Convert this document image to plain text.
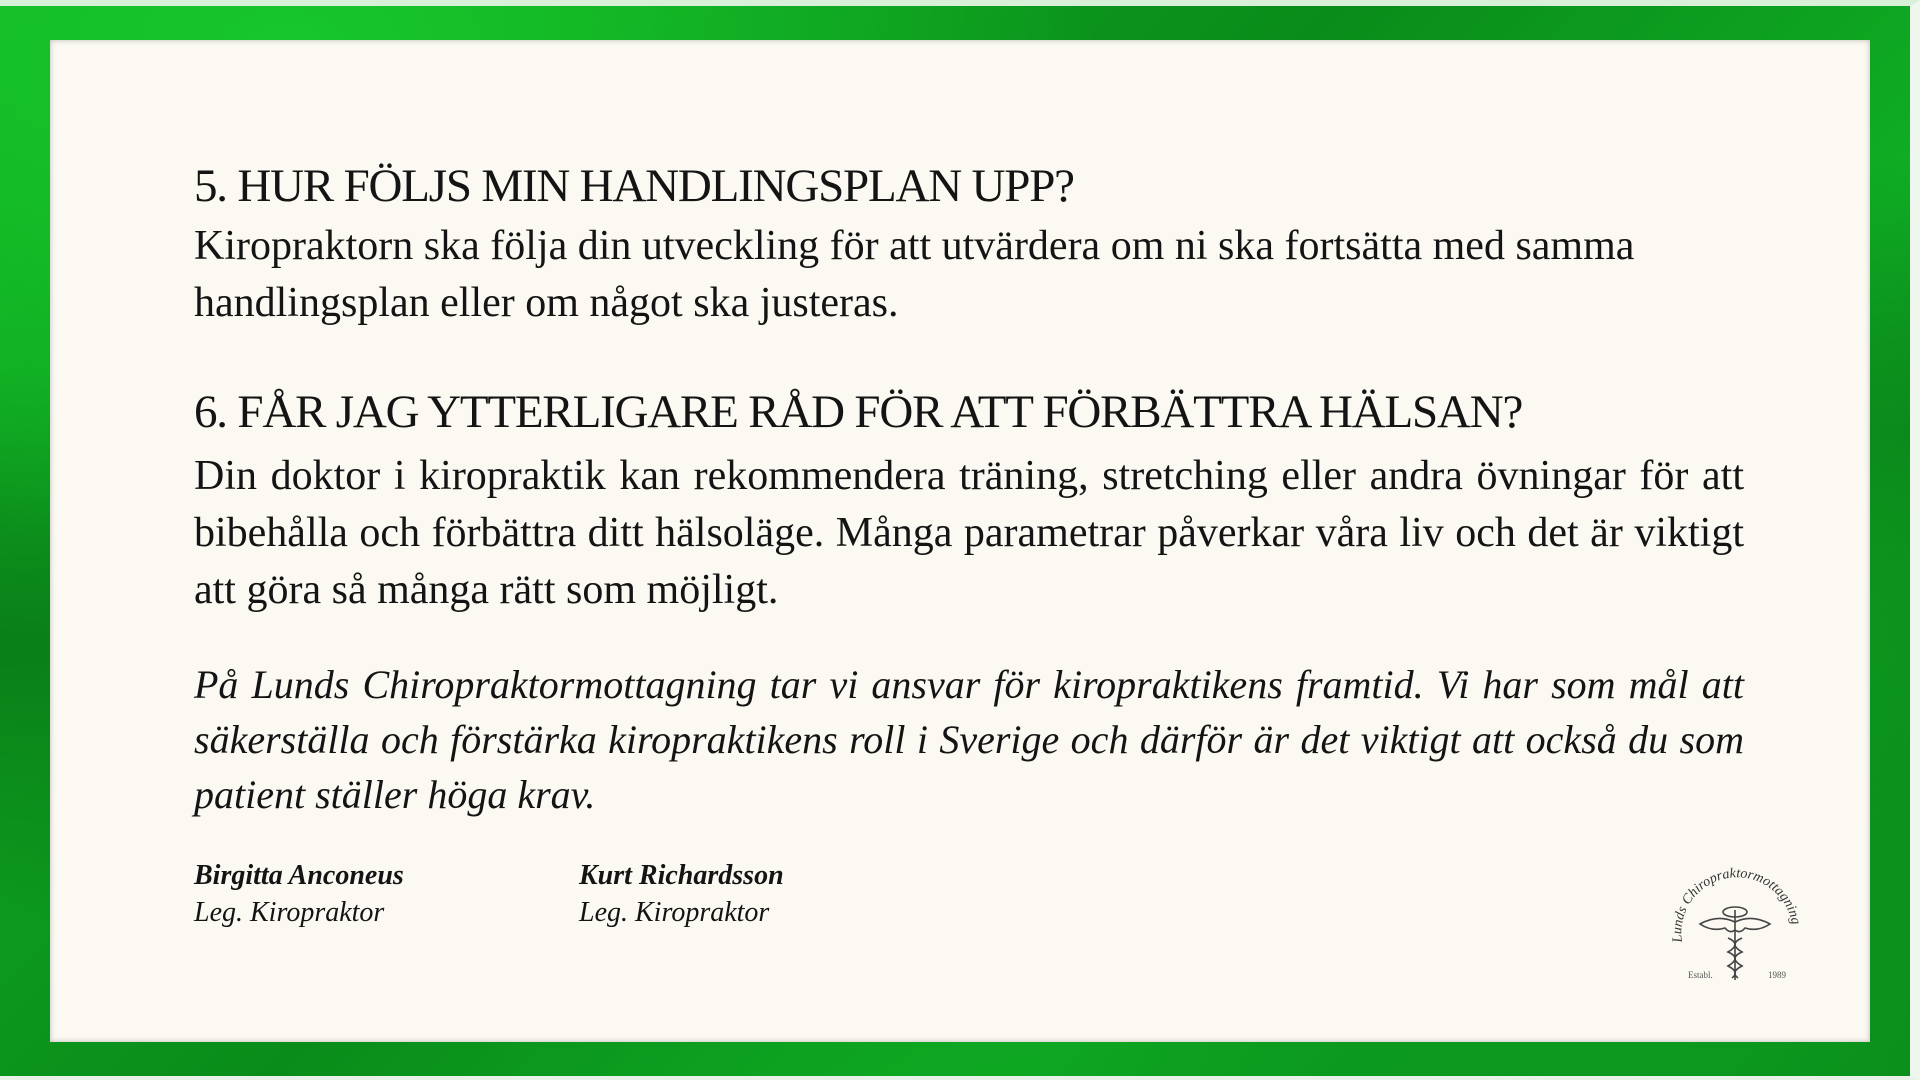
5. HUR FÖLJS MIN HANDLINGSPLAN UPP?

Kiropraktorn ska följa din utveckling för att utvärdera om ni ska fortsätta med samma handlingsplan eller om något ska justeras.

6. FÅR JAG YTTERLIGARE RÅD FÖR ATT FÖRBÄTTRA HÄLSAN?

Din doktor i kiropraktik kan rekommendera träning, stretching eller andra övningar för att bibehålla och förbättra ditt hälsoläge. Många parametrar påverkar våra liv och det är viktigt att göra så många rätt som möjligt.

På Lunds Chiropraktormottagning tar vi ansvar för kiropraktikens framtid. Vi har som mål att säkerställa och förstärka kiropraktikens roll i Sverige och därför är det viktigt att också du som patient ställer höga krav.

Birgitta Anconeus
Leg. Kiropraktor
Kurt Richardsson
Leg. Kiropraktor
Lunds Chiropraktormottagning
Establ.	1989
